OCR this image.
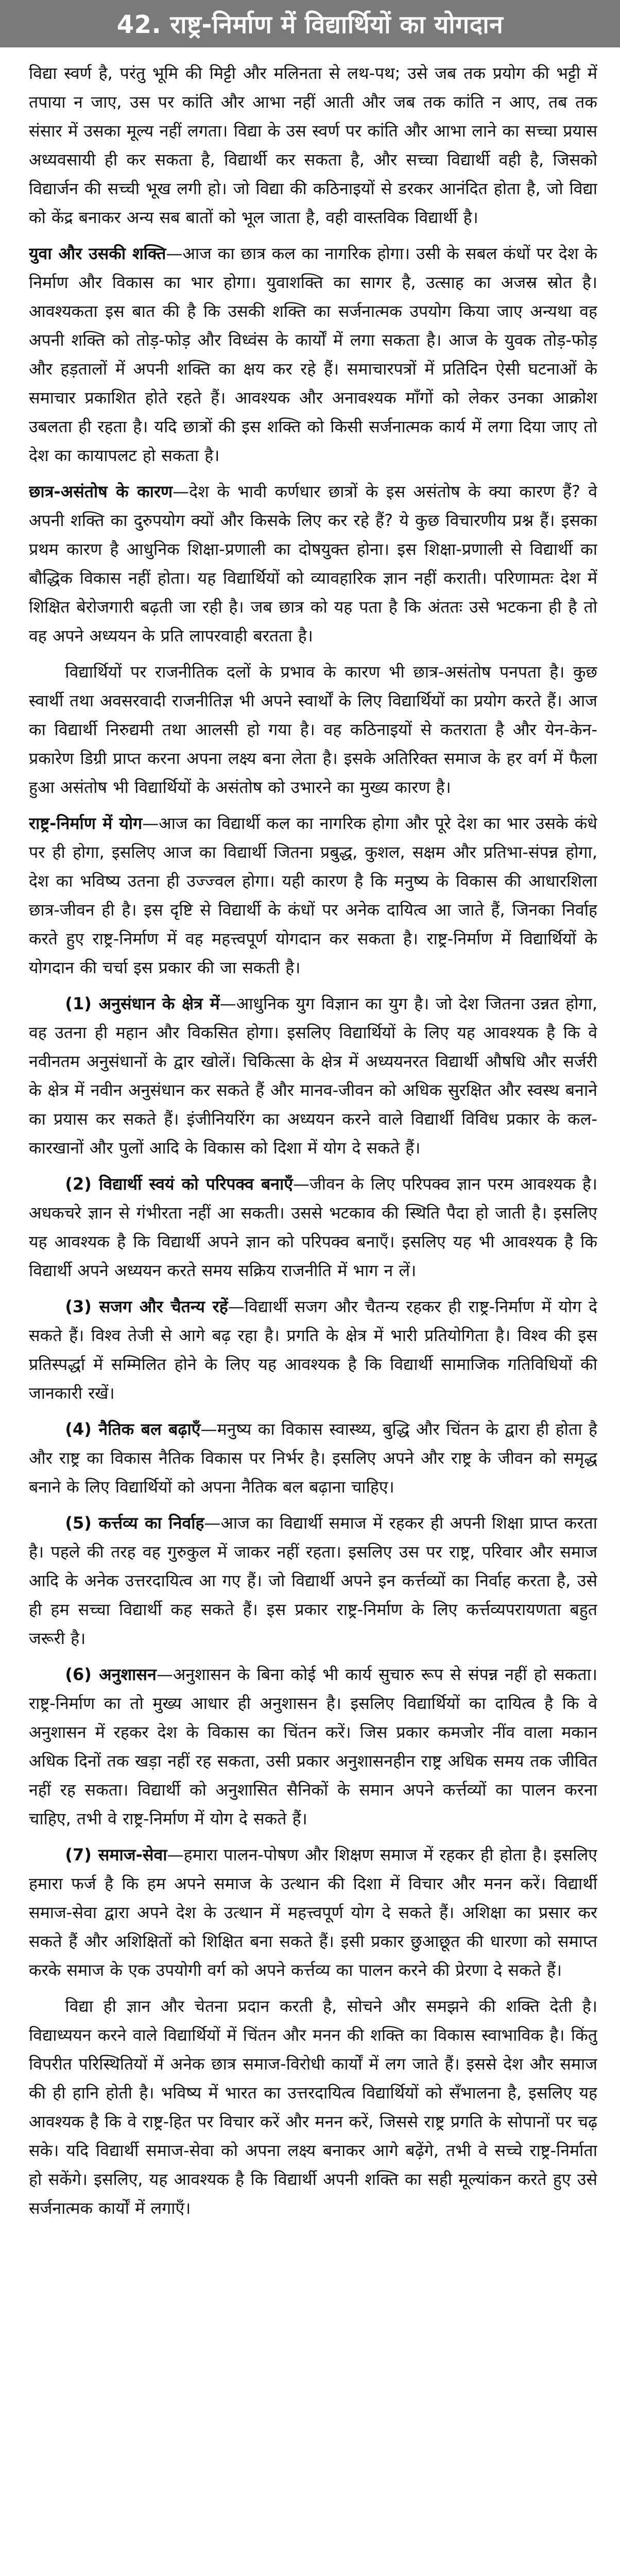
42. राष्ट्र-निर्माण में विद्यार्थियों का योगदान

विद्या स्वर्ण है, परंतु भूमि की मिट्टी और मलिनता से लथ-पथ; उसे जब तक प्रयोग की भट्टी में तपाया न जाए, उस पर कांति और आभा नहीं आती और जब तक कांति न आए, तब तक संसार में उसका मूल्य नहीं लगता। विद्या के उस स्वर्ण पर कांति और आभा लाने का सच्चा प्रयास अध्यवसायी ही कर सकता है, विद्यार्थी कर सकता है, और सच्चा विद्यार्थी वही है, जिसको विद्यार्जन की सच्ची भूख लगी हो। जो विद्या की कठिनाइयों से डरकर आनंदित होता है, जो विद्या को केंद्र बनाकर अन्य सब बातों को भूल जाता है, वही वास्तविक विद्यार्थी है।

युवा और उसकी शक्ति—आज का छात्र कल का नागरिक होगा। उसी के सबल कंधों पर देश के निर्माण और विकास का भार होगा। युवाशक्ति का सागर है, उत्साह का अजस्र स्रोत है। आवश्यकता इस बात की है कि उसकी शक्ति का सर्जनात्मक उपयोग किया जाए अन्यथा वह अपनी शक्ति को तोड़-फोड़ और विध्वंस के कार्यों में लगा सकता है। आज के युवक तोड़-फोड़ और हड़तालों में अपनी शक्ति का क्षय कर रहे हैं। समाचारपत्रों में प्रतिदिन ऐसी घटनाओं के समाचार प्रकाशित होते रहते हैं। आवश्यक और अनावश्यक माँगों को लेकर उनका आक्रोश उबलता ही रहता है। यदि छात्रों की इस शक्ति को किसी सर्जनात्मक कार्य में लगा दिया जाए तो देश का कायापलट हो सकता है।

छात्र-असंतोष के कारण—देश के भावी कर्णधार छात्रों के इस असंतोष के क्या कारण हैं? वे अपनी शक्ति का दुरुपयोग क्यों और किसके लिए कर रहे हैं? ये कुछ विचारणीय प्रश्न हैं। इसका प्रथम कारण है आधुनिक शिक्षा-प्रणाली का दोषयुक्त होना। इस शिक्षा-प्रणाली से विद्यार्थी का बौद्धिक विकास नहीं होता। यह विद्यार्थियों को व्यावहारिक ज्ञान नहीं कराती। परिणामतः देश में शिक्षित बेरोजगारी बढ़ती जा रही है। जब छात्र को यह पता है कि अंततः उसे भटकना ही है तो वह अपने अध्ययन के प्रति लापरवाही बरतता है।

विद्यार्थियों पर राजनीतिक दलों के प्रभाव के कारण भी छात्र-असंतोष पनपता है। कुछ स्वार्थी तथा अवसरवादी राजनीतिज्ञ भी अपने स्वार्थों के लिए विद्यार्थियों का प्रयोग करते हैं। आज का विद्यार्थी निरुद्यमी तथा आलसी हो गया है। वह कठिनाइयों से कतराता है और येन-केन-प्रकारेण डिग्री प्राप्त करना अपना लक्ष्य बना लेता है। इसके अतिरिक्त समाज के हर वर्ग में फैला हुआ असंतोष भी विद्यार्थियों के असंतोष को उभारने का मुख्य कारण है।

राष्ट्र-निर्माण में योग—आज का विद्यार्थी कल का नागरिक होगा और पूरे देश का भार उसके कंधे पर ही होगा, इसलिए आज का विद्यार्थी जितना प्रबुद्ध, कुशल, सक्षम और प्रतिभा-संपन्न होगा, देश का भविष्य उतना ही उज्ज्वल होगा। यही कारण है कि मनुष्य के विकास की आधारशिला छात्र-जीवन ही है। इस दृष्टि से विद्यार्थी के कंधों पर अनेक दायित्व आ जाते हैं, जिनका निर्वाह करते हुए राष्ट्र-निर्माण में वह महत्त्वपूर्ण योगदान कर सकता है। राष्ट्र-निर्माण में विद्यार्थियों के योगदान की चर्चा इस प्रकार की जा सकती है।

(1) अनुसंधान के क्षेत्र में—आधुनिक युग विज्ञान का युग है। जो देश जितना उन्नत होगा, वह उतना ही महान और विकसित होगा। इसलिए विद्यार्थियों के लिए यह आवश्यक है कि वे नवीनतम अनुसंधानों के द्वार खोलें। चिकित्सा के क्षेत्र में अध्ययनरत विद्यार्थी औषधि और सर्जरी के क्षेत्र में नवीन अनुसंधान कर सकते हैं और मानव-जीवन को अधिक सुरक्षित और स्वस्थ बनाने का प्रयास कर सकते हैं। इंजीनियरिंग का अध्ययन करने वाले विद्यार्थी विविध प्रकार के कल-कारखानों और पुलों आदि के विकास को दिशा में योग दे सकते हैं।

(2) विद्यार्थी स्वयं को परिपक्व बनाएँ—जीवन के लिए परिपक्व ज्ञान परम आवश्यक है। अधकचरे ज्ञान से गंभीरता नहीं आ सकती। उससे भटकाव की स्थिति पैदा हो जाती है। इसलिए यह आवश्यक है कि विद्यार्थी अपने ज्ञान को परिपक्व बनाएँ। इसलिए यह भी आवश्यक है कि विद्यार्थी अपने अध्ययन करते समय सक्रिय राजनीति में भाग न लें।

(3) सजग और चैतन्य रहें—विद्यार्थी सजग और चैतन्य रहकर ही राष्ट्र-निर्माण में योग दे सकते हैं। विश्व तेजी से आगे बढ़ रहा है। प्रगति के क्षेत्र में भारी प्रतियोगिता है। विश्व की इस प्रतिस्पर्द्धा में सम्मिलित होने के लिए यह आवश्यक है कि विद्यार्थी सामाजिक गतिविधियों की जानकारी रखें।

(4) नैतिक बल बढ़ाएँ—मनुष्य का विकास स्वास्थ्य, बुद्धि और चिंतन के द्वारा ही होता है और राष्ट्र का विकास नैतिक विकास पर निर्भर है। इसलिए अपने और राष्ट्र के जीवन को समृद्ध बनाने के लिए विद्यार्थियों को अपना नैतिक बल बढ़ाना चाहिए।

(5) कर्त्तव्य का निर्वाह—आज का विद्यार्थी समाज में रहकर ही अपनी शिक्षा प्राप्त करता है। पहले की तरह वह गुरुकुल में जाकर नहीं रहता। इसलिए उस पर राष्ट्र, परिवार और समाज आदि के अनेक उत्तरदायित्व आ गए हैं। जो विद्यार्थी अपने इन कर्त्तव्यों का निर्वाह करता है, उसे ही हम सच्चा विद्यार्थी कह सकते हैं। इस प्रकार राष्ट्र-निर्माण के लिए कर्त्तव्यपरायणता बहुत जरूरी है।

(6) अनुशासन—अनुशासन के बिना कोई भी कार्य सुचारु रूप से संपन्न नहीं हो सकता। राष्ट्र-निर्माण का तो मुख्य आधार ही अनुशासन है। इसलिए विद्यार्थियों का दायित्व है कि वे अनुशासन में रहकर देश के विकास का चिंतन करें। जिस प्रकार कमजोर नींव वाला मकान अधिक दिनों तक खड़ा नहीं रह सकता, उसी प्रकार अनुशासनहीन राष्ट्र अधिक समय तक जीवित नहीं रह सकता। विद्यार्थी को अनुशासित सैनिकों के समान अपने कर्त्तव्यों का पालन करना चाहिए, तभी वे राष्ट्र-निर्माण में योग दे सकते हैं।

(7) समाज-सेवा—हमारा पालन-पोषण और शिक्षण समाज में रहकर ही होता है। इसलिए हमारा फर्ज है कि हम अपने समाज के उत्थान की दिशा में विचार और मनन करें। विद्यार्थी समाज-सेवा द्वारा अपने देश के उत्थान में महत्त्वपूर्ण योग दे सकते हैं। अशिक्षा का प्रसार कर सकते हैं और अशिक्षितों को शिक्षित बना सकते हैं। इसी प्रकार छुआछूत की धारणा को समाप्त करके समाज के एक उपयोगी वर्ग को अपने कर्त्तव्य का पालन करने की प्रेरणा दे सकते हैं।

विद्या ही ज्ञान और चेतना प्रदान करती है, सोचने और समझने की शक्ति देती है। विद्याध्ययन करने वाले विद्यार्थियों में चिंतन और मनन की शक्ति का विकास स्वाभाविक है। किंतु विपरीत परिस्थितियों में अनेक छात्र समाज-विरोधी कार्यों में लग जाते हैं। इससे देश और समाज की ही हानि होती है। भविष्य में भारत का उत्तरदायित्व विद्यार्थियों को सँभालना है, इसलिए यह आवश्यक है कि वे राष्ट्र-हित पर विचार करें और मनन करें, जिससे राष्ट्र प्रगति के सोपानों पर चढ़ सके। यदि विद्यार्थी समाज-सेवा को अपना लक्ष्य बनाकर आगे बढ़ेंगे, तभी वे सच्चे राष्ट्र-निर्माता हो सकेंगे। इसलिए, यह आवश्यक है कि विद्यार्थी अपनी शक्ति का सही मूल्यांकन करते हुए उसे सर्जनात्मक कार्यों में लगाएँ।
